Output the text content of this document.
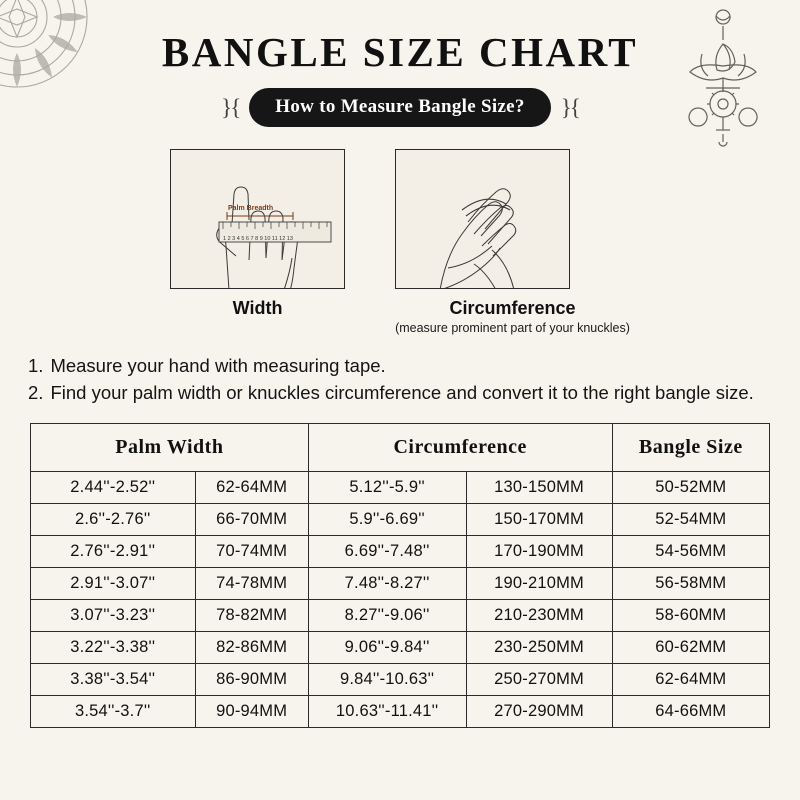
BANGLE SIZE CHART
}{	How to Measure Bangle Size?	}{
1 2 3 4 5 6 7 8 9 10 11 12 13
Palm Breadth
Width	Circumference
(measure prominent part of your knuckles)
1. Measure your hand with measuring tape.
2. Find your palm width or knuckles circumference and convert it to the right bangle size.
Palm Width		Circumference		Bangle Size
2.44''-2.52''	62-64MM	5.12''-5.9''	130-150MM	50-52MM
2.6''-2.76''	66-70MM	5.9''-6.69''	150-170MM	52-54MM
2.76''-2.91''	70-74MM	6.69''-7.48''	170-190MM	54-56MM
2.91''-3.07''	74-78MM	7.48''-8.27''	190-210MM	56-58MM
3.07''-3.23''	78-82MM	8.27''-9.06''	210-230MM	58-60MM
3.22''-3.38''	82-86MM	9.06''-9.84''	230-250MM	60-62MM
3.38''-3.54''	86-90MM	9.84''-10.63''	250-270MM	62-64MM
3.54''-3.7''	90-94MM	10.63''-11.41''	270-290MM	64-66MM
